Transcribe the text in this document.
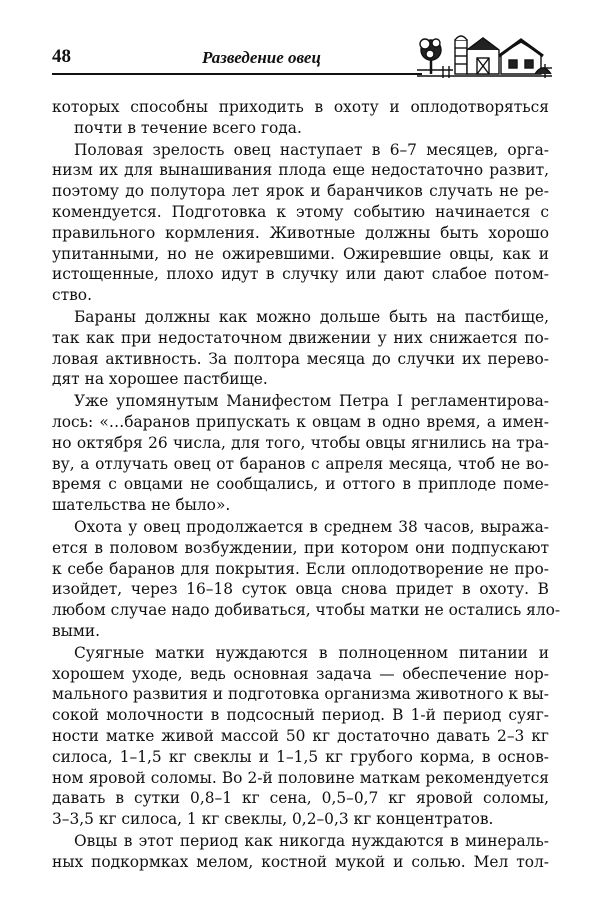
48	Разведение овец
которых способны приходить в охоту и оплодотворяться
почти в течение всего года.
Половая зрелость овец наступает в 6–7 месяцев, орга-
низм их для вынашивания плода еще недостаточно развит,
поэтому до полутора лет ярок и баранчиков случать не ре-
комендуется. Подготовка к этому событию начинается с
правильного кормления. Животные должны быть хорошо
упитанными, но не ожиревшими. Ожиревшие овцы, как и
истощенные, плохо идут в случку или дают слабое потом-
ство.
Бараны должны как можно дольше быть на пастбище,
так как при недостаточном движении у них снижается по-
ловая активность. За полтора месяца до случки их перево-
дят на хорошее пастбище.
Уже упомянутым Манифестом Петра I регламентирова-
лось: «…баранов припускать к овцам в одно время, а имен-
но октября 26 числа, для того, чтобы овцы ягнились на тра-
ву, а отлучать овец от баранов с апреля месяца, чтоб не во-
время с овцами не сообщались, и оттого в приплоде поме-
шательства не было».
Охота у овец продолжается в среднем 38 часов, выража-
ется в половом возбуждении, при котором они подпускают
к себе баранов для покрытия. Если оплодотворение не про-
изойдет, через 16–18 суток овца снова придет в охоту. В
любом случае надо добиваться, чтобы матки не остались яло-
выми.
Суягные матки нуждаются в полноценном питании и
хорошем уходе, ведь основная задача — обеспечение нор-
мального развития и подготовка организма животного к вы-
сокой молочности в подсосный период. В 1-й период суяг-
ности матке живой массой 50 кг достаточно давать 2–3 кг
силоса, 1–1,5 кг свеклы и 1–1,5 кг грубого корма, в основ-
ном яровой соломы. Во 2-й половине маткам рекомендуется
давать в сутки 0,8–1 кг сена, 0,5–0,7 кг яровой соломы,
3–3,5 кг силоса, 1 кг свеклы, 0,2–0,3 кг концентратов.
Овцы в этот период как никогда нуждаются в минераль-
ных подкормках мелом, костной мукой и солью. Мел тол-
